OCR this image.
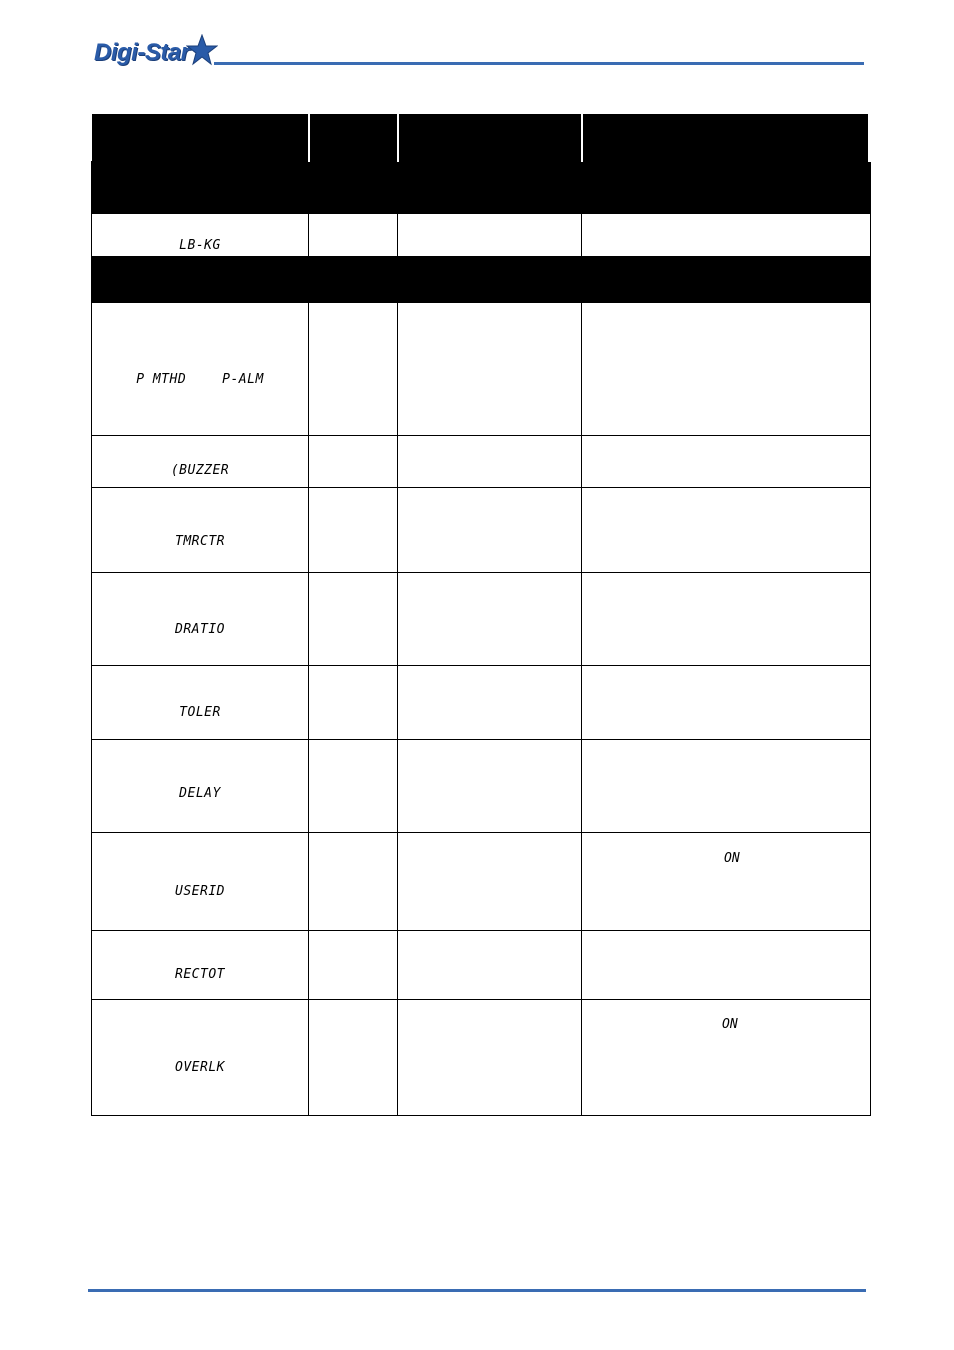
Digi-Star

LB-KG			

P MTHD P-ALM			

(BUZZER			

TMRCTR			

DRATIO			

TOLER			

DELAY			

USERID			ON

RECTOT			

OVERLK			ON
